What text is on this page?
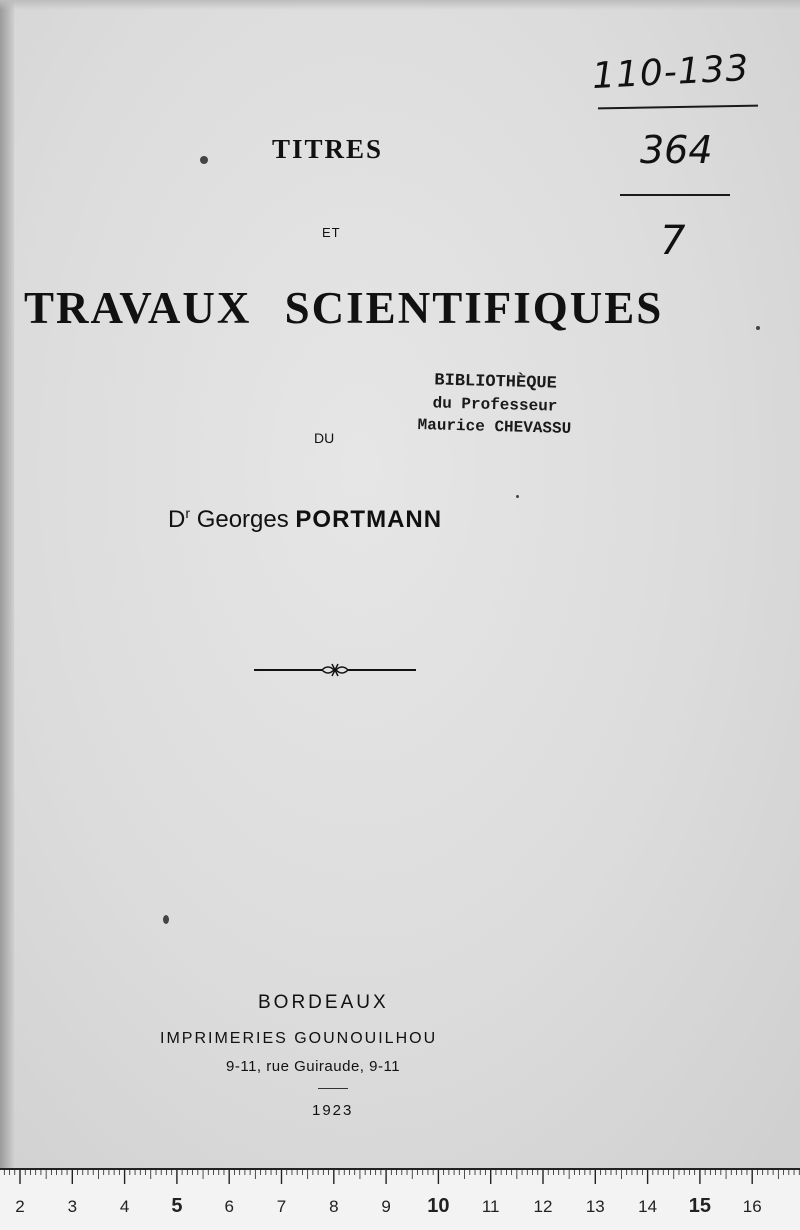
110-133
364
7
TITRES
ET
TRAVAUX SCIENTIFIQUES
BIBLIOTHÈQUE
du Professeur
Maurice CHEVASSU
DU
$D^r$ Georges PORTMANN
BORDEAUX
IMPRIMERIES GOUNOUILHOU
9-11, rue Guiraude, 9-11
1923
2	3	4 5 6	7	8	9 10 11 12 13 14 15 16
